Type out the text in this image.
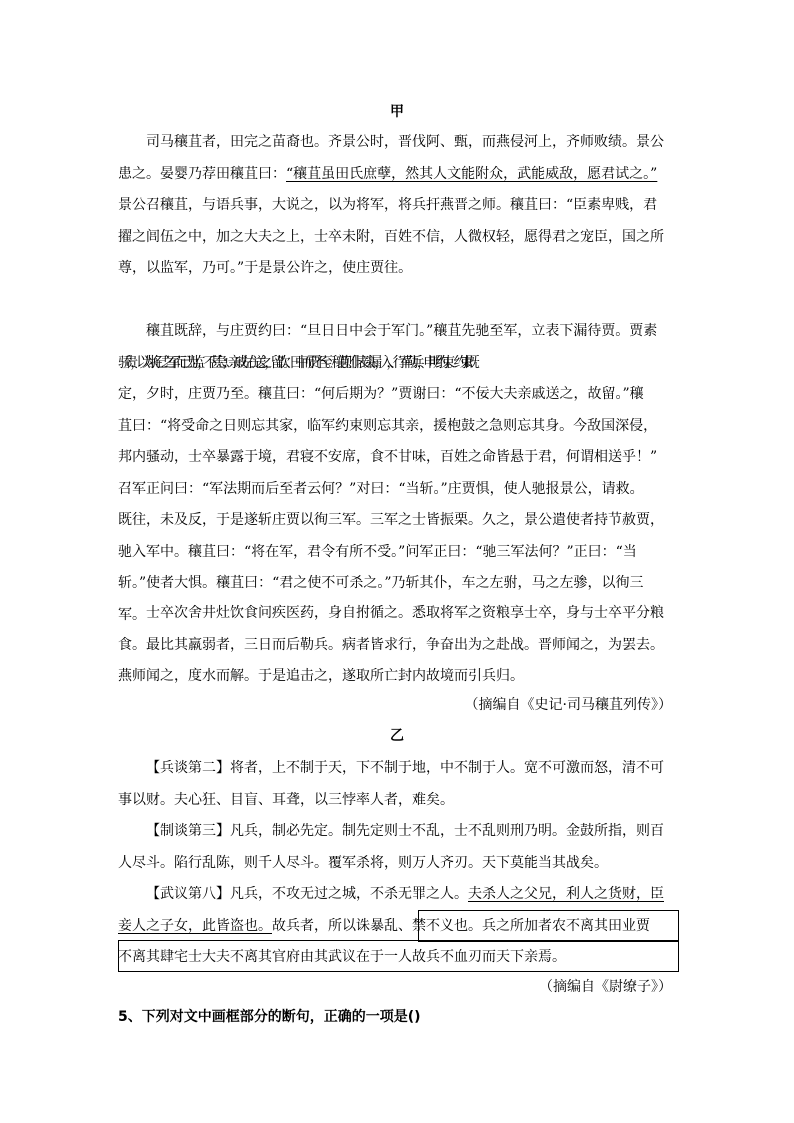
甲
司马穰苴者，田完之苗裔也。齐景公时，晋伐阿、甄，而燕侵河上，齐师败绩。景公
患之。晏婴乃荐田穰苴曰：“穰苴虽田氏庶孽，然其人文能附众，武能威敌，愿君试之。”
景公召穰苴，与语兵事，大说之，以为将军，将兵扞燕晋之师。穰苴曰：“臣素卑贱，君
擢之闾伍之中，加之大夫之上，士卒未附，百姓不信，人微权轻，愿得君之宠臣，国之所
尊，以监军，乃可。”于是景公许之，使庄贾往。
穰苴既辞，与庄贾约曰：“旦日日中会于军门。”穰苴先驰至军，立表下漏待贾。贾素
骄贵，以为将己之军而己为监，不甚急；亲戚左右送之，留饮。日中而贾不至。穰苴则仆表决漏，入，行军勒兵，申明约束。约束既
定，夕时，庄贾乃至。穰苴曰：“何后期为？”贾谢曰：“不佞大夫亲戚送之，故留。”穰
苴曰：“将受命之日则忘其家，临军约束则忘其亲，援枹鼓之急则忘其身。今敌国深侵，
邦内骚动，士卒暴露于境，君寝不安席，食不甘味，百姓之命皆悬于君，何谓相送乎！”
召军正问曰：“军法期而后至者云何？”对曰：“当斩。”庄贾惧，使人驰报景公，请救。
既往，未及反，于是遂斩庄贾以徇三军。三军之士皆振栗。久之，景公遣使者持节赦贾，
驰入军中。穰苴曰：“将在军，君令有所不受。”问军正曰：“驰三军法何？”正曰：“当
斩。”使者大惧。穰苴曰：“君之使不可杀之。”乃斩其仆，车之左驸，马之左骖，以徇三
军。 士卒次舍井灶饮食问疾医药，身自拊循之。悉取将军之资粮享士卒，身与士卒平分粮
食。最比其羸弱者，三日而后勒兵。病者皆求行，争奋出为之赴战。晋师闻之，为罢去。
燕师闻之，度水而解。于是追击之，遂取所亡封内故境而引兵归。
（摘编自《史记·司马穰苴列传》）
乙
【兵谈第二】将者，上不制于天，下不制于地，中不制于人。宽不可激而怒，清不可
事以财。夫心狂、目盲、耳聋，以三悖率人者，难矣。
【制谈第三】凡兵，制必先定。制先定则士不乱，士不乱则刑乃明。金鼓所指，则百
人尽斗。陷行乱陈，则千人尽斗。覆军杀将，则万人齐刃。天下莫能当其战矣。
【武议第八】凡兵，不攻无过之城，不杀无罪之人。夫杀人之父兄，利人之货财，臣
妾人之子女，此皆盗也。故兵者，所以诛暴乱、禁不义也。兵之所加者农不离其田业贾
不离其肆宅士大夫不离其官府由其武议在于一人故兵不血刃而天下亲焉。
（摘编自《尉缭子》）
5、下列对文中画框部分的断句，正确的一项是()
